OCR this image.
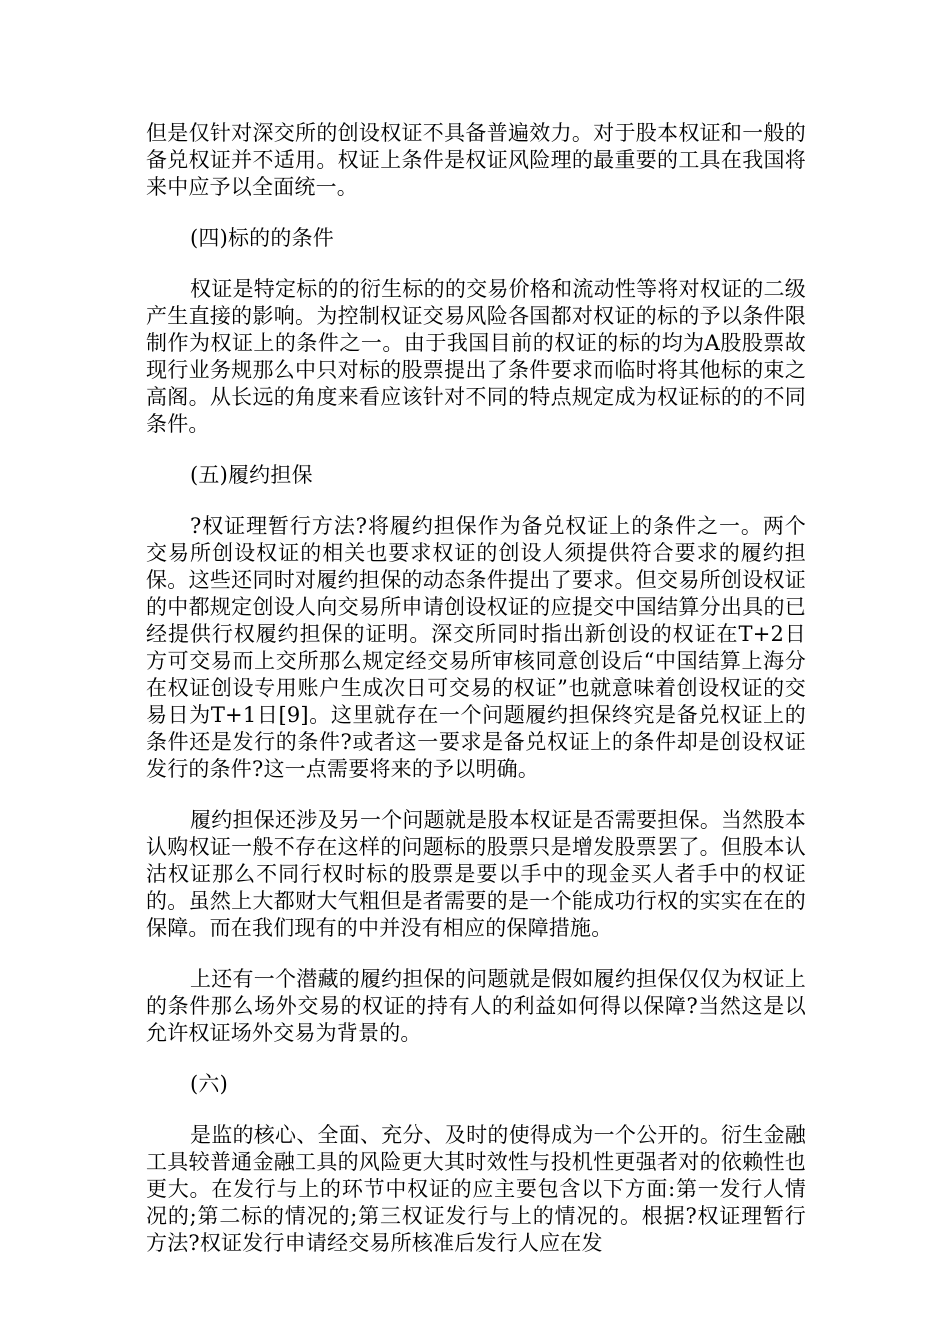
但是仅针对深交所的创设权证不具备普遍效力。对于股本权证和一般的备兑权证并不适用。权证上条件是权证风险理的最重要的工具在我国将来中应予以全面统一。

(四)标的的条件

权证是特定标的的衍生标的的交易价格和流动性等将对权证的二级产生直接的影响。为控制权证交易风险各国都对权证的标的予以条件限制作为权证上的条件之一。由于我国目前的权证的标的均为A股股票故现行业务规那么中只对标的股票提出了条件要求而临时将其他标的束之高阁。从长远的角度来看应该针对不同的特点规定成为权证标的的不同条件。

(五)履约担保

?权证理暂行方法?将履约担保作为备兑权证上的条件之一。两个交易所创设权证的相关也要求权证的创设人须提供符合要求的履约担保。这些还同时对履约担保的动态条件提出了要求。但交易所创设权证的中都规定创设人向交易所申请创设权证的应提交中国结算分出具的已经提供行权履约担保的证明。深交所同时指出新创设的权证在T+2日方可交易而上交所那么规定经交易所审核同意创设后“中国结算上海分在权证创设专用账户生成次日可交易的权证”也就意味着创设权证的交易日为T+1日[9]。这里就存在一个问题履约担保终究是备兑权证上的条件还是发行的条件?或者这一要求是备兑权证上的条件却是创设权证发行的条件?这一点需要将来的予以明确。

履约担保还涉及另一个问题就是股本权证是否需要担保。当然股本认购权证一般不存在这样的问题标的股票只是增发股票罢了。但股本认沽权证那么不同行权时标的股票是要以手中的现金买人者手中的权证的。虽然上大都财大气粗但是者需要的是一个能成功行权的实实在在的保障。而在我们现有的中并没有相应的保障措施。

上还有一个潜藏的履约担保的问题就是假如履约担保仅仅为权证上的条件那么场外交易的权证的持有人的利益如何得以保障?当然这是以允许权证场外交易为背景的。

(六)

是监的核心、全面、充分、及时的使得成为一个公开的。衍生金融工具较普通金融工具的风险更大其时效性与投机性更强者对的依赖性也更大。在发行与上的环节中权证的应主要包含以下方面:第一发行人情况的;第二标的情况的;第三权证发行与上的情况的。根据?权证理暂行方法?权证发行申请经交易所核准后发行人应在发
